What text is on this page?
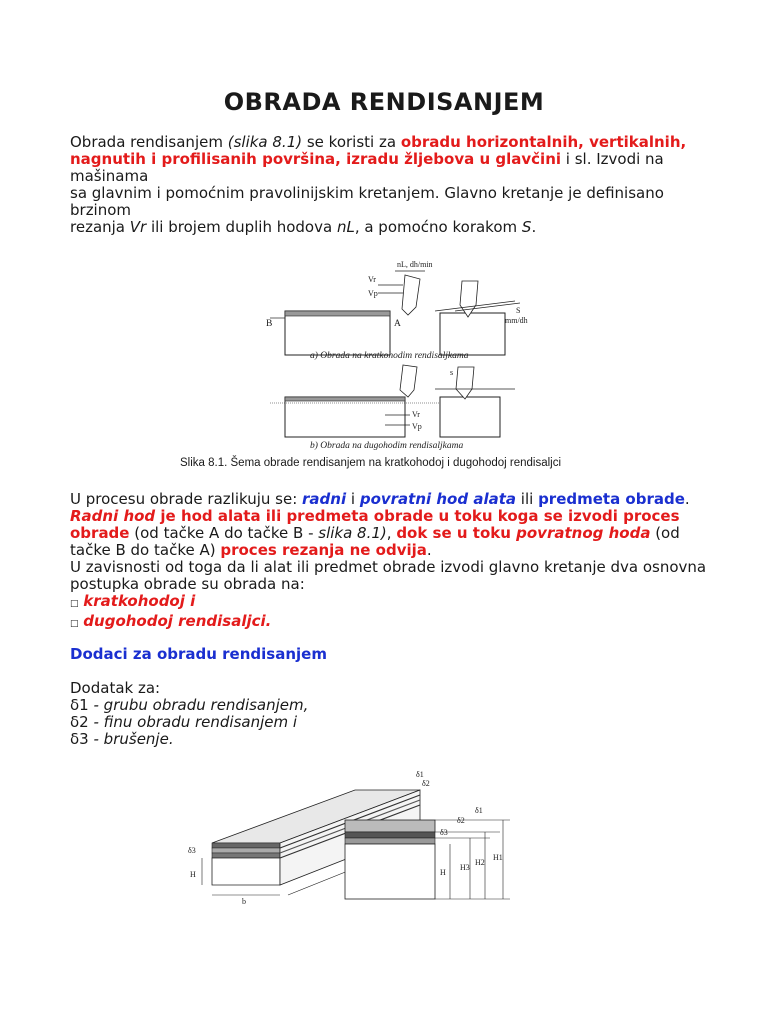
OBRADA RENDISANJEM

Obrada rendisanjem (slika 8.1) se koristi za obradu horizontalnih, vertikalnih,
nagnutih i profilisanih površina, izradu žljebova u glavčini i sl. Izvodi na
mašinama
sa glavnim i pomoćnim pravolinijskim kretanjem. Glavno kretanje je definisano
brzinom
rezanja Vr ili brojem duplih hodova nL, a pomoćno korakom S.

B	A
Vr
Vp
nL, dh/min
S
mm/dh
a) Obrada na kratkohodim rendisaljkama
Vr
Vp
s
b) Obrada na dugohodim rendisaljkama

Slika 8.1. Šema obrade rendisanjem na kratkohodoj i dugohodoj rendisaljci

U procesu obrade razlikuju se: radni i povratni hod alata ili predmeta obrade.
Radni hod je hod alata ili predmeta obrade u toku koga se izvodi proces
obrade (od tačke A do tačke B - slika 8.1), dok se u toku povratnog hoda (od
tačke B do tačke A) proces rezanja ne odvija.
U zavisnosti od toga da li alat ili predmet obrade izvodi glavno kretanje dva osnovna
postupka obrade su obrada na:
□ kratkohodoj i
□ dugohodoj rendisaljci.

Dodaci za obradu rendisanjem

Dodatak za:
δ1 - grubu obradu rendisanjem,
δ2 - finu obradu rendisanjem i
δ3 - brušenje.

H
δ3
b
δ1
δ2
H
H3
H2
H1
δ3
δ2
δ1
